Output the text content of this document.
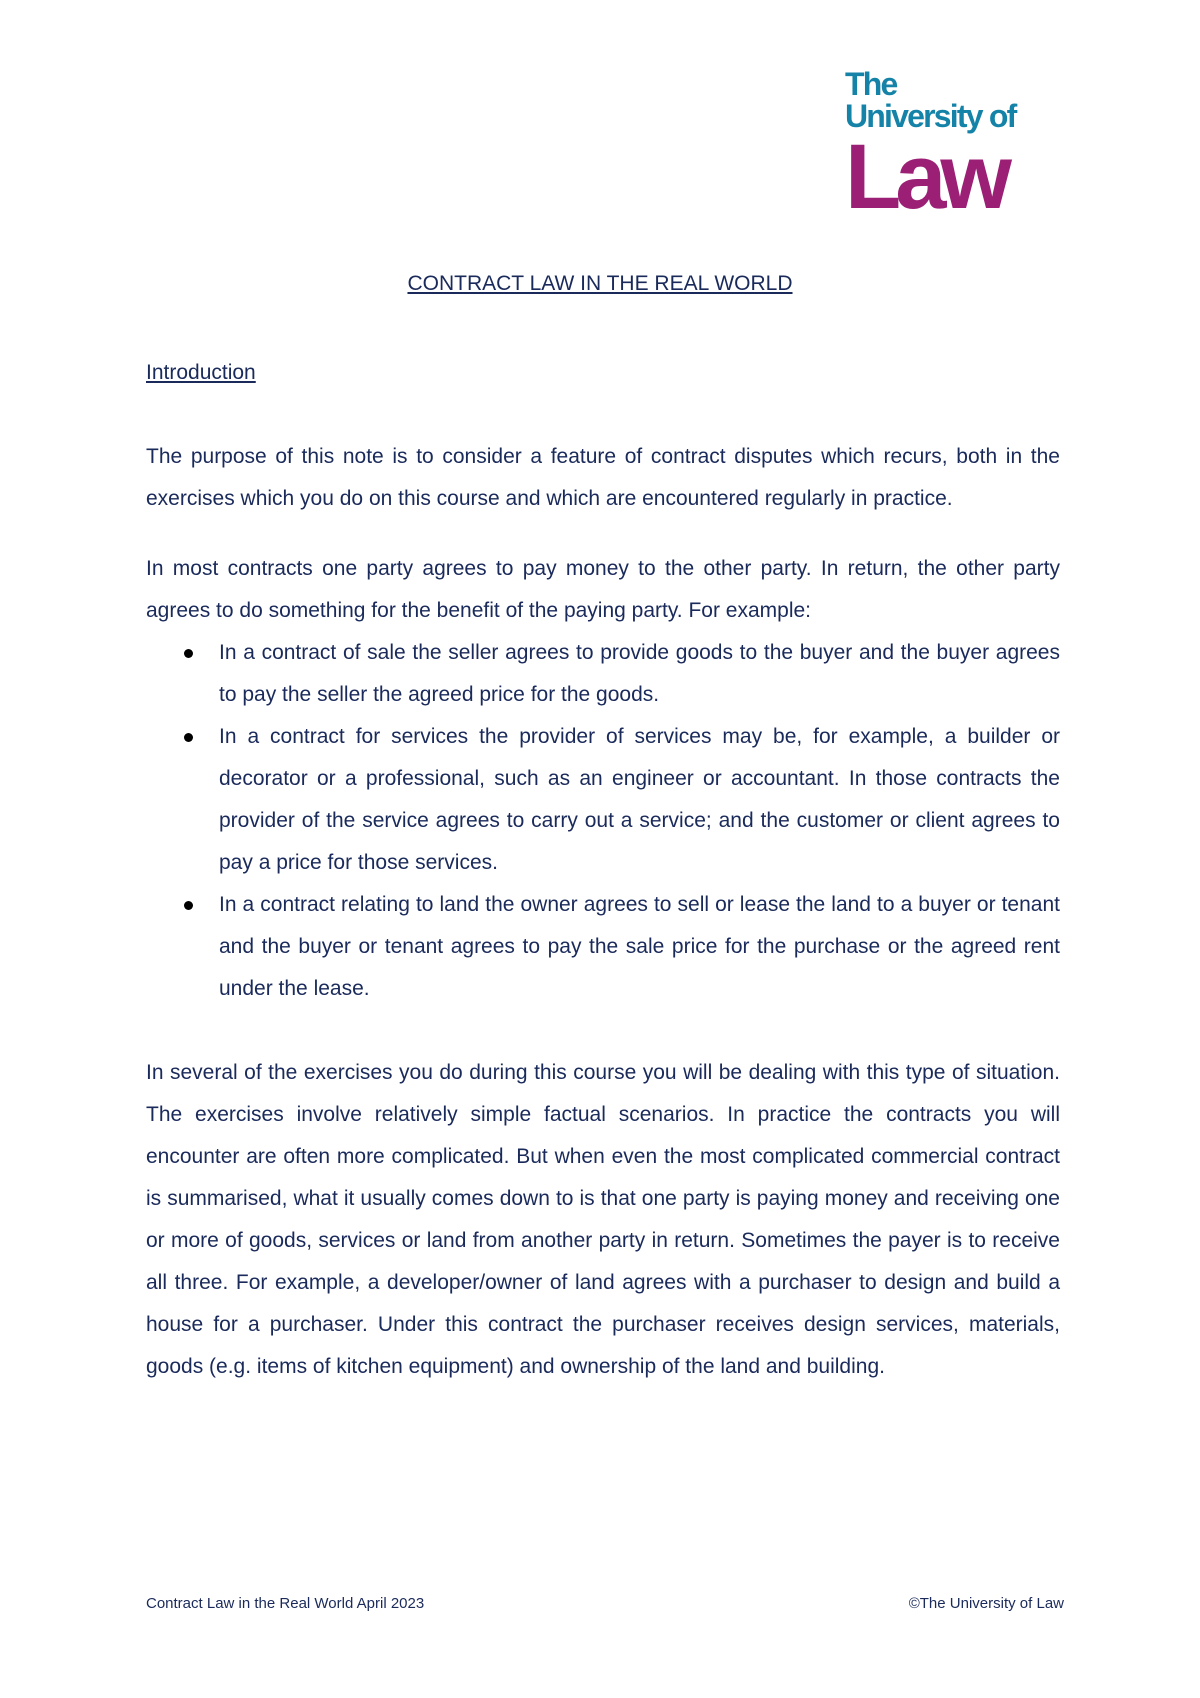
The
University of
Law
CONTRACT LAW IN THE REAL WORLD
Introduction

The purpose of this note is to consider a feature of contract disputes which recurs, both in the exercises which you do on this course and which are encountered regularly in practice.

In most contracts one party agrees to pay money to the other party. In return, the other party agrees to do something for the benefit of the paying party. For example:

In a contract of sale the seller agrees to provide goods to the buyer and the buyer agrees to pay the seller the agreed price for the goods.
In a contract for services the provider of services may be, for example, a builder or decorator or a professional, such as an engineer or accountant. In those contracts the provider of the service agrees to carry out a service; and the customer or client agrees to pay a price for those services.
In a contract relating to land the owner agrees to sell or lease the land to a buyer or tenant and the buyer or tenant agrees to pay the sale price for the purchase or the agreed rent under the lease.

In several of the exercises you do during this course you will be dealing with this type of situation. The exercises involve relatively simple factual scenarios. In practice the contracts you will encounter are often more complicated. But when even the most complicated commercial contract is summarised, what it usually comes down to is that one party is paying money and receiving one or more of goods, services or land from another party in return. Sometimes the payer is to receive all three. For example, a developer/owner of land agrees with a purchaser to design and build a house for a purchaser. Under this contract the purchaser receives design services, materials, goods (e.g. items of kitchen equipment) and ownership of the land and building.

Contract Law in the Real World April 2023	©The University of Law
